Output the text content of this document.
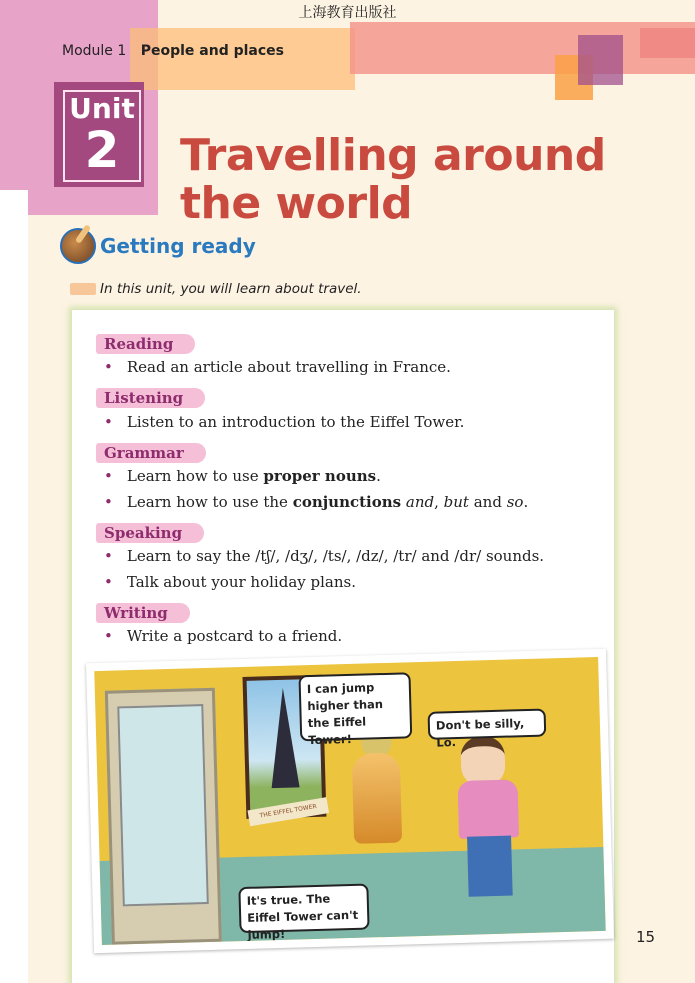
上海教育出版社
Module 1 People and places
Unit
2	Travelling around
the world
Getting ready
In this unit, you will learn about travel.
Reading
• Read an article about travelling in France.
Listening
• Listen to an introduction to the Eiffel Tower.
Grammar
• Learn how to use proper nouns.
• Learn how to use the conjunctions and, but and so.
Speaking
• Learn to say the /tʃ/, /dʒ/, /ts/, /dz/, /tr/ and /dr/ sounds.
• Talk about your holiday plans.
Writing
• Write a postcard to a friend.
THE EIFFEL TOWER
I can jump higher than the Eiffel Tower!
Don't be silly, Lo.
It's true. The Eiffel Tower can't jump!	15
